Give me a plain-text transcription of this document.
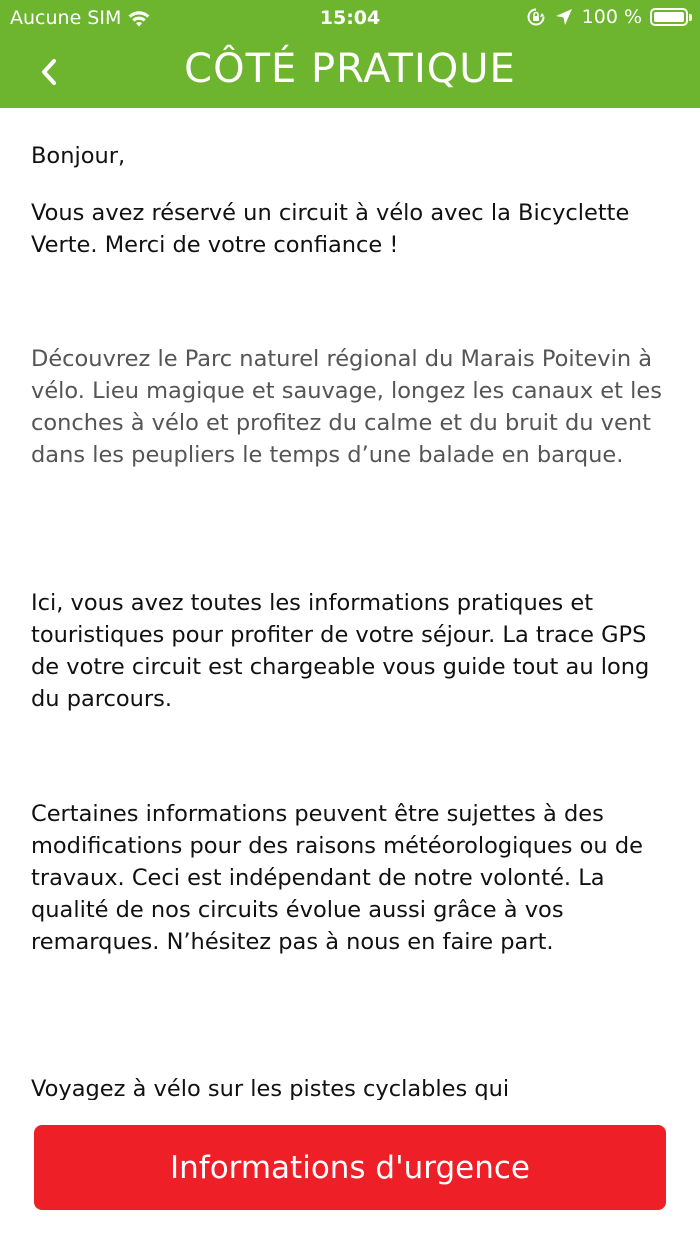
Aucune SIM	15:04	100 %
CÔTÉ PRATIQUE

Bonjour,

Vous avez réservé un circuit à vélo avec la Bicyclette Verte. Merci de votre confiance !

Découvrez le Parc naturel régional du Marais Poitevin à vélo. Lieu magique et sauvage, longez les canaux et les conches à vélo et profitez du calme et du bruit du vent dans les peupliers le temps d’une balade en barque.

Ici, vous avez toutes les informations pratiques et touristiques pour profiter de votre séjour. La trace GPS de votre circuit est chargeable vous guide tout au long du parcours.

Certaines informations peuvent être sujettes à des modifications pour des raisons météorologiques ou de travaux. Ceci est indépendant de notre volonté. La qualité de nos circuits évolue aussi grâce à vos remarques. N’hésitez pas à nous en faire part.

Voyagez à vélo sur les pistes cyclables qui

Informations d'urgence
